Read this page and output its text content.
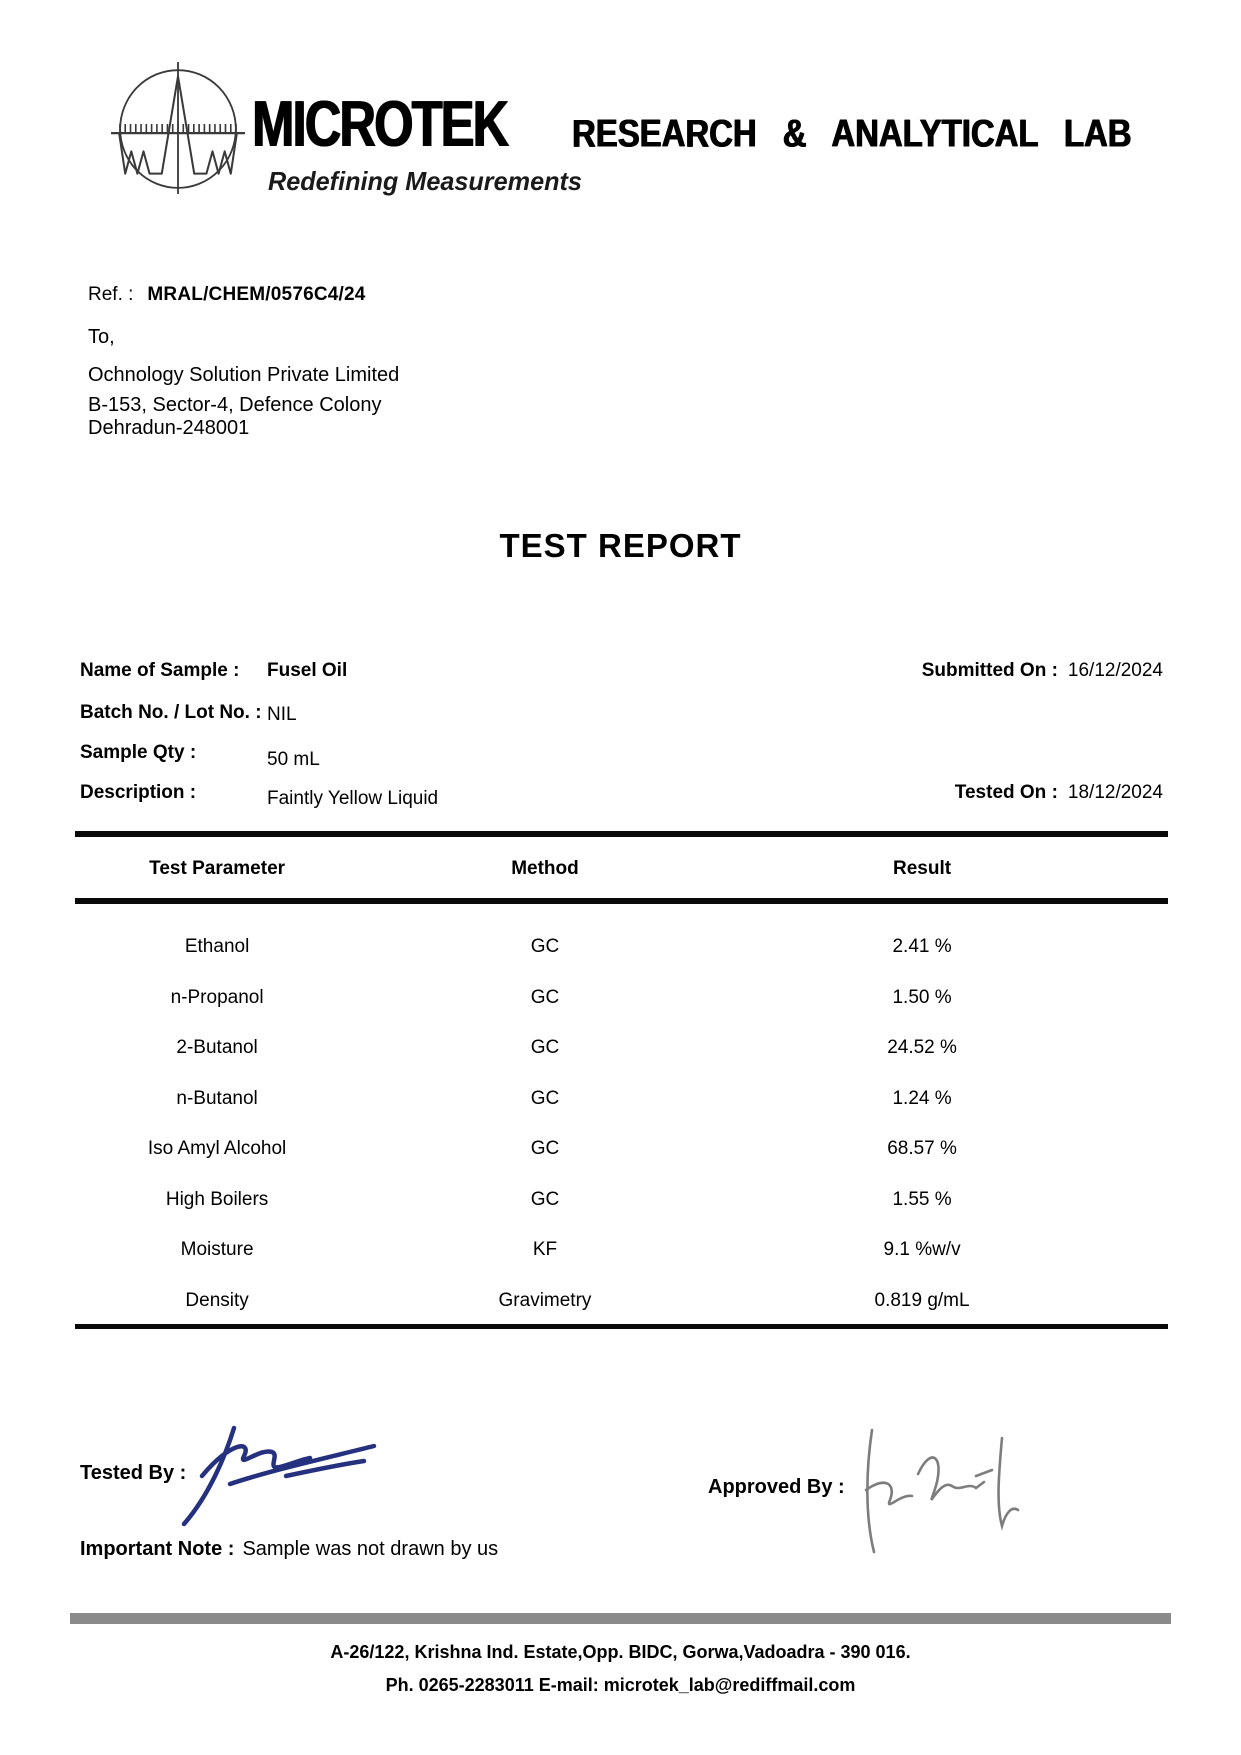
MICROTEK RESEARCH & ANALYTICAL LAB
Redefining Measurements
Ref. : MRAL/CHEM/0576C4/24
To,
Ochnology Solution Private Limited
B-153, Sector-4, Defence Colony
Dehradun-248001
TEST REPORT
Name of Sample : Fusel Oil
Batch No. / Lot No. : NIL
Sample Qty :	50 mL
Description :	Faintly Yellow Liquid
Submitted On : 16/12/2024
Tested On : 18/12/2024
Test Parameter	Method	Result
Ethanol	GC	2.41 %
n-Propanol	GC	1.50 %
2-Butanol	GC	24.52 %
n-Butanol	GC	1.24 %
Iso Amyl Alcohol	GC	68.57 %
High Boilers	GC	1.55 %
Moisture	KF	9.1 %w/v
Density	Gravimetry	0.819 g/mL
Tested By :
Approved By :
Important Note : Sample was not drawn by us
A-26/122, Krishna Ind. Estate,Opp. BIDC, Gorwa,Vadoadra - 390 016.
Ph. 0265-2283011 E-mail: microtek_lab@rediffmail.com
